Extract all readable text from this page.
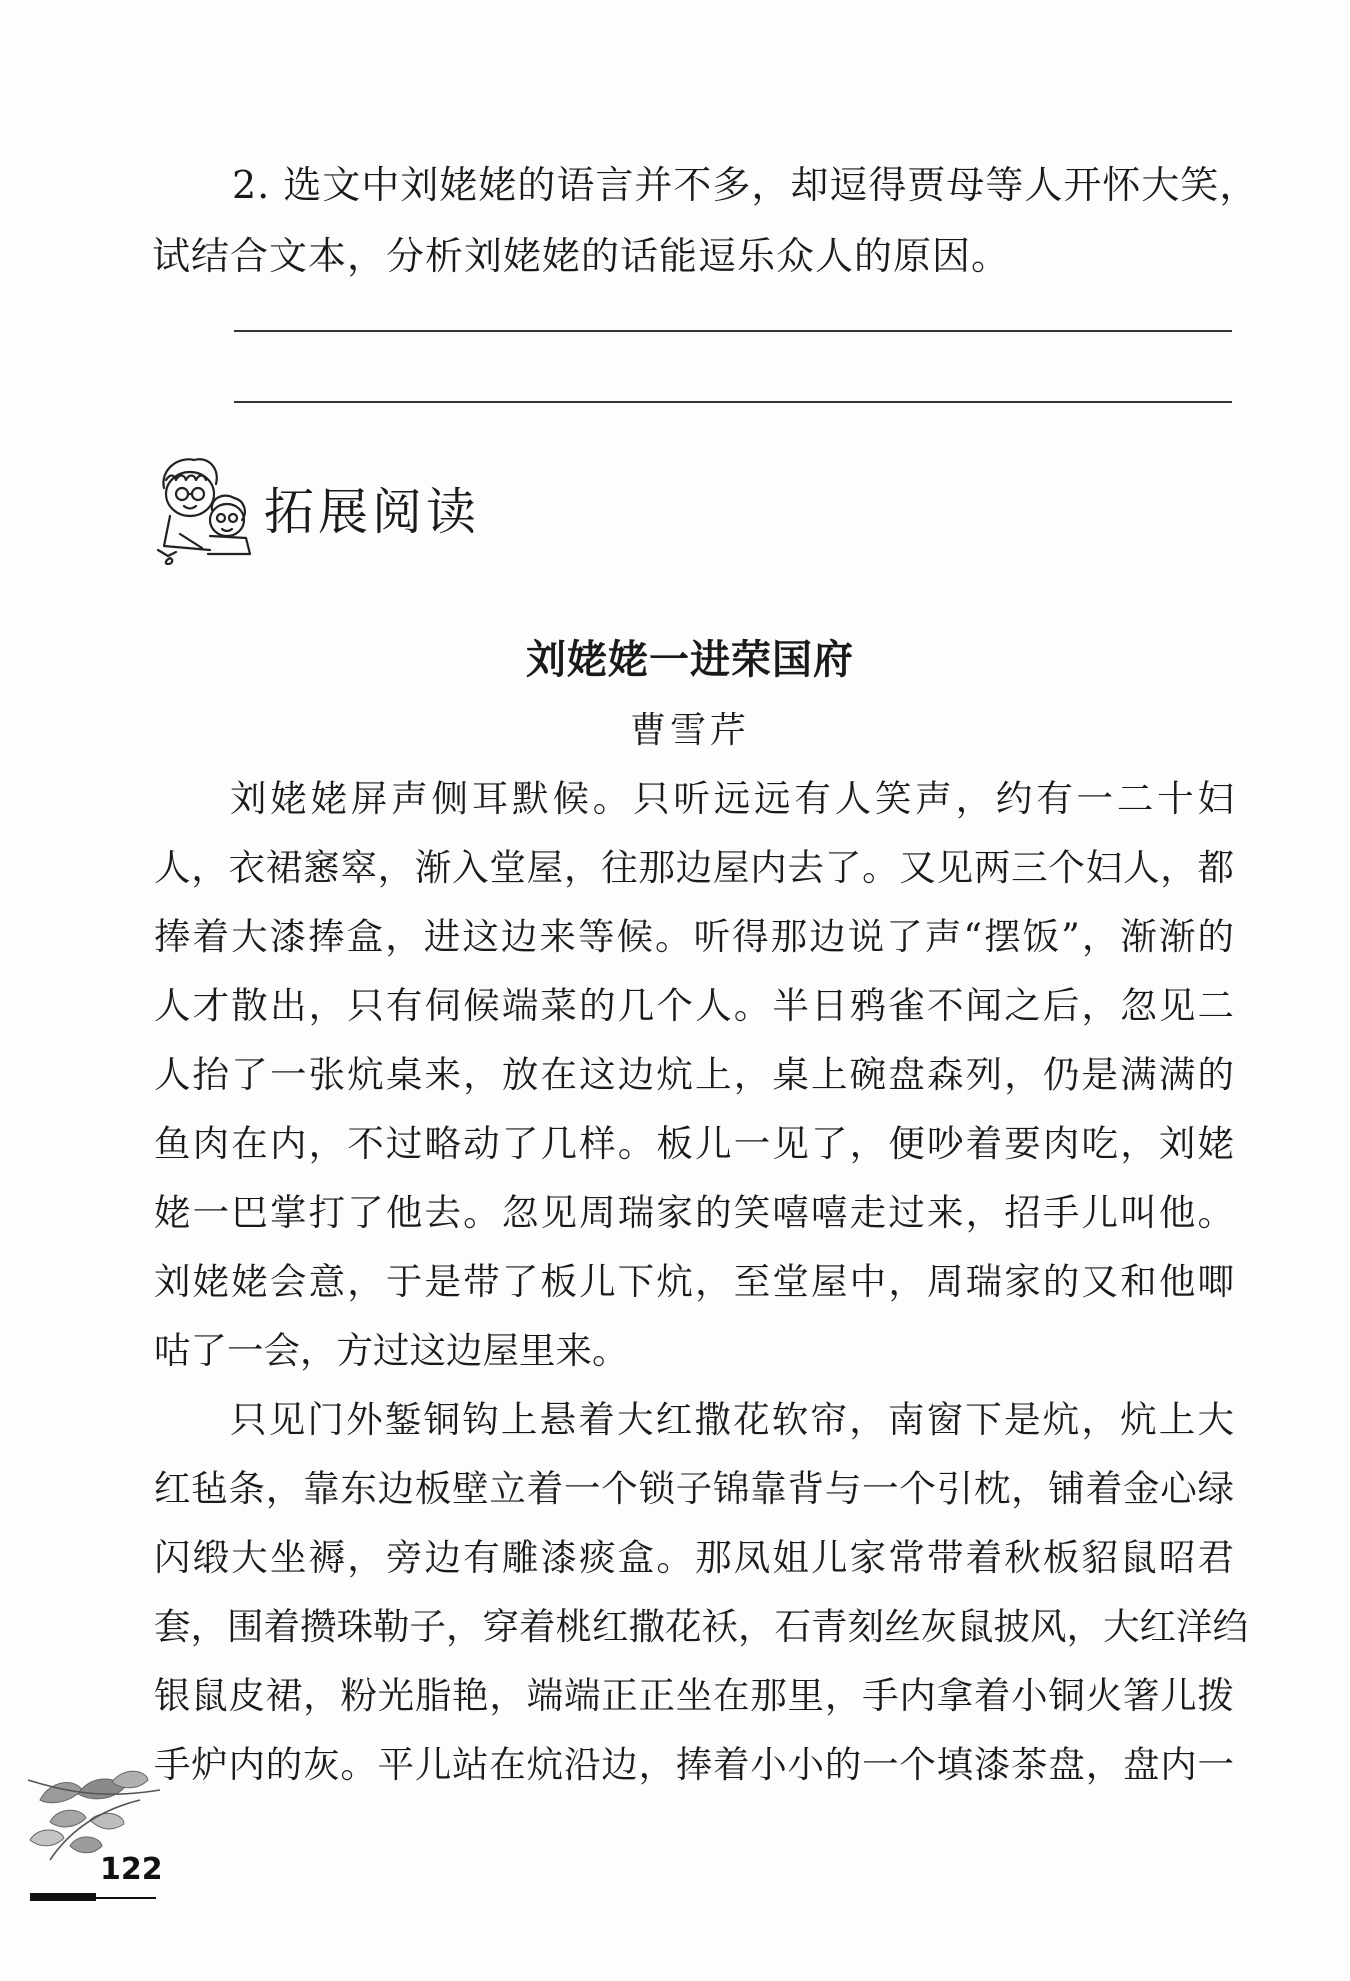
2. 选文中刘姥姥的语言并不多，却逗得贾母等人开怀大笑，
试结合文本，分析刘姥姥的话能逗乐众人的原因。
拓展阅读
刘姥姥一进荣国府
曹雪芹
刘姥姥屏声侧耳默候。只听远远有人笑声，约有一二十妇
人，衣裙窸窣，渐入堂屋，往那边屋内去了。又见两三个妇人，都
捧着大漆捧盒，进这边来等候。听得那边说了声“摆饭”，渐渐的
人才散出，只有伺候端菜的几个人。半日鸦雀不闻之后，忽见二
人抬了一张炕桌来，放在这边炕上，桌上碗盘森列，仍是满满的
鱼肉在内，不过略动了几样。板儿一见了，便吵着要肉吃，刘姥
姥一巴掌打了他去。忽见周瑞家的笑嘻嘻走过来，招手儿叫他。
刘姥姥会意，于是带了板儿下炕，至堂屋中，周瑞家的又和他唧
咕了一会，方过这边屋里来。
只见门外錾铜钩上悬着大红撒花软帘，南窗下是炕，炕上大
红毡条，靠东边板壁立着一个锁子锦靠背与一个引枕，铺着金心绿
闪缎大坐褥，旁边有雕漆痰盒。那凤姐儿家常带着秋板貂鼠昭君
套，围着攒珠勒子，穿着桃红撒花袄，石青刻丝灰鼠披风，大红洋绉
银鼠皮裙，粉光脂艳，端端正正坐在那里，手内拿着小铜火箸儿拨
手炉内的灰。平儿站在炕沿边，捧着小小的一个填漆茶盘，盘内一
122
